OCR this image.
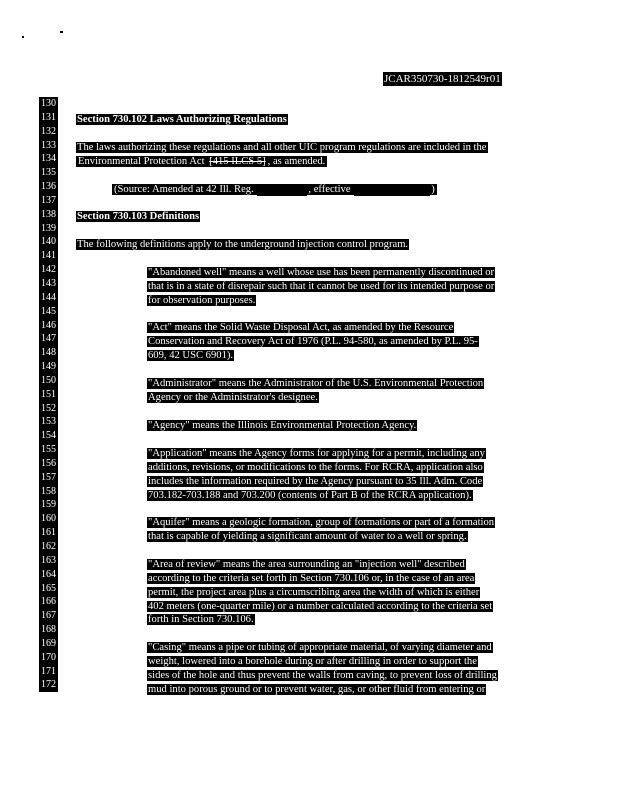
JCAR350730-1812549r01
130
131
132
133
134
135
136
137
138
139
140
141
142
143
144
145
146
147
148
149
150
151
152
153
154
155
156
157
158
159
160
161
162
163
164
165
166
167
168
169
170
171
172
Section 730.102 Laws Authorizing Regulations
The laws authorizing these regulations and all other UIC program regulations are included in the
Environmental Protection Act [415 ILCS 5] , as amended.
(Source: Amended at 42 Ill. Reg.	, effective	)
Section 730.103 Definitions
The following definitions apply to the underground injection control program.
"Abandoned well" means a well whose use has been permanently discontinued or
that is in a state of disrepair such that it cannot be used for its intended purpose or
for observation purposes.
"Act" means the Solid Waste Disposal Act, as amended by the Resource
Conservation and Recovery Act of 1976 (P.L. 94-580, as amended by P.L. 95-
609, 42 USC 6901).
"Administrator" means the Administrator of the U.S. Environmental Protection
Agency or the Administrator's designee.
"Agency" means the Illinois Environmental Protection Agency.
"Application" means the Agency forms for applying for a permit, including any
additions, revisions, or modifications to the forms. For RCRA, application also
includes the information required by the Agency pursuant to 35 Ill. Adm. Code
703.182-703.188 and 703.200 (contents of Part B of the RCRA application).
"Aquifer" means a geologic formation, group of formations or part of a formation
that is capable of yielding a significant amount of water to a well or spring.
"Area of review" means the area surrounding an "injection well" described
according to the criteria set forth in Section 730.106 or, in the case of an area
permit, the project area plus a circumscribing area the width of which is either
402 meters (one-quarter mile) or a number calculated according to the criteria set
forth in Section 730.106.
"Casing" means a pipe or tubing of appropriate material, of varying diameter and
weight, lowered into a borehole during or after drilling in order to support the
sides of the hole and thus prevent the walls from caving, to prevent loss of drilling
mud into porous ground or to prevent water, gas, or other fluid from entering or
